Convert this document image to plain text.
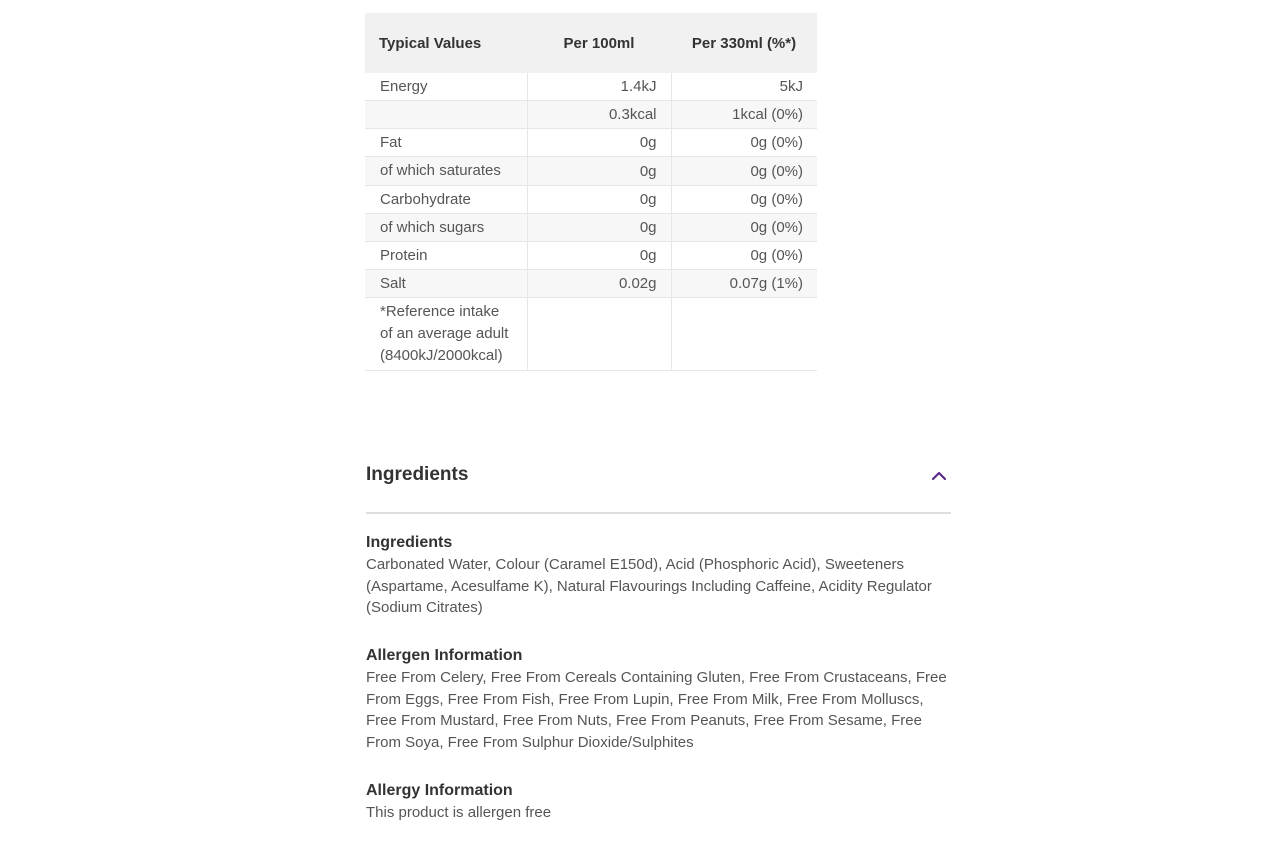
Typical Values	Per 100ml	Per 330ml (%*)
Energy	1.4kJ	5kJ
	0.3kcal	1kcal (0%)
Fat	0g	0g (0%)
of which saturates	0g	0g (0%)
Carbohydrate	0g	0g (0%)
of which sugars	0g	0g (0%)
Protein	0g	0g (0%)
Salt	0.02g	0.07g (1%)
*Reference intake of an average adult (8400kJ/2000kcal)		
Ingredients
Ingredients

Carbonated Water, Colour (Caramel E150d), Acid (Phosphoric Acid), Sweeteners (Aspartame, Acesulfame K), Natural Flavourings Including Caffeine, Acidity Regulator (Sodium Citrates)

Allergen Information

Free From Celery, Free From Cereals Containing Gluten, Free From Crustaceans, Free From Eggs, Free From Fish, Free From Lupin, Free From Milk, Free From Molluscs, Free From Mustard, Free From Nuts, Free From Peanuts, Free From Sesame, Free From Soya, Free From Sulphur Dioxide/Sulphites

Allergy Information

This product is allergen free
